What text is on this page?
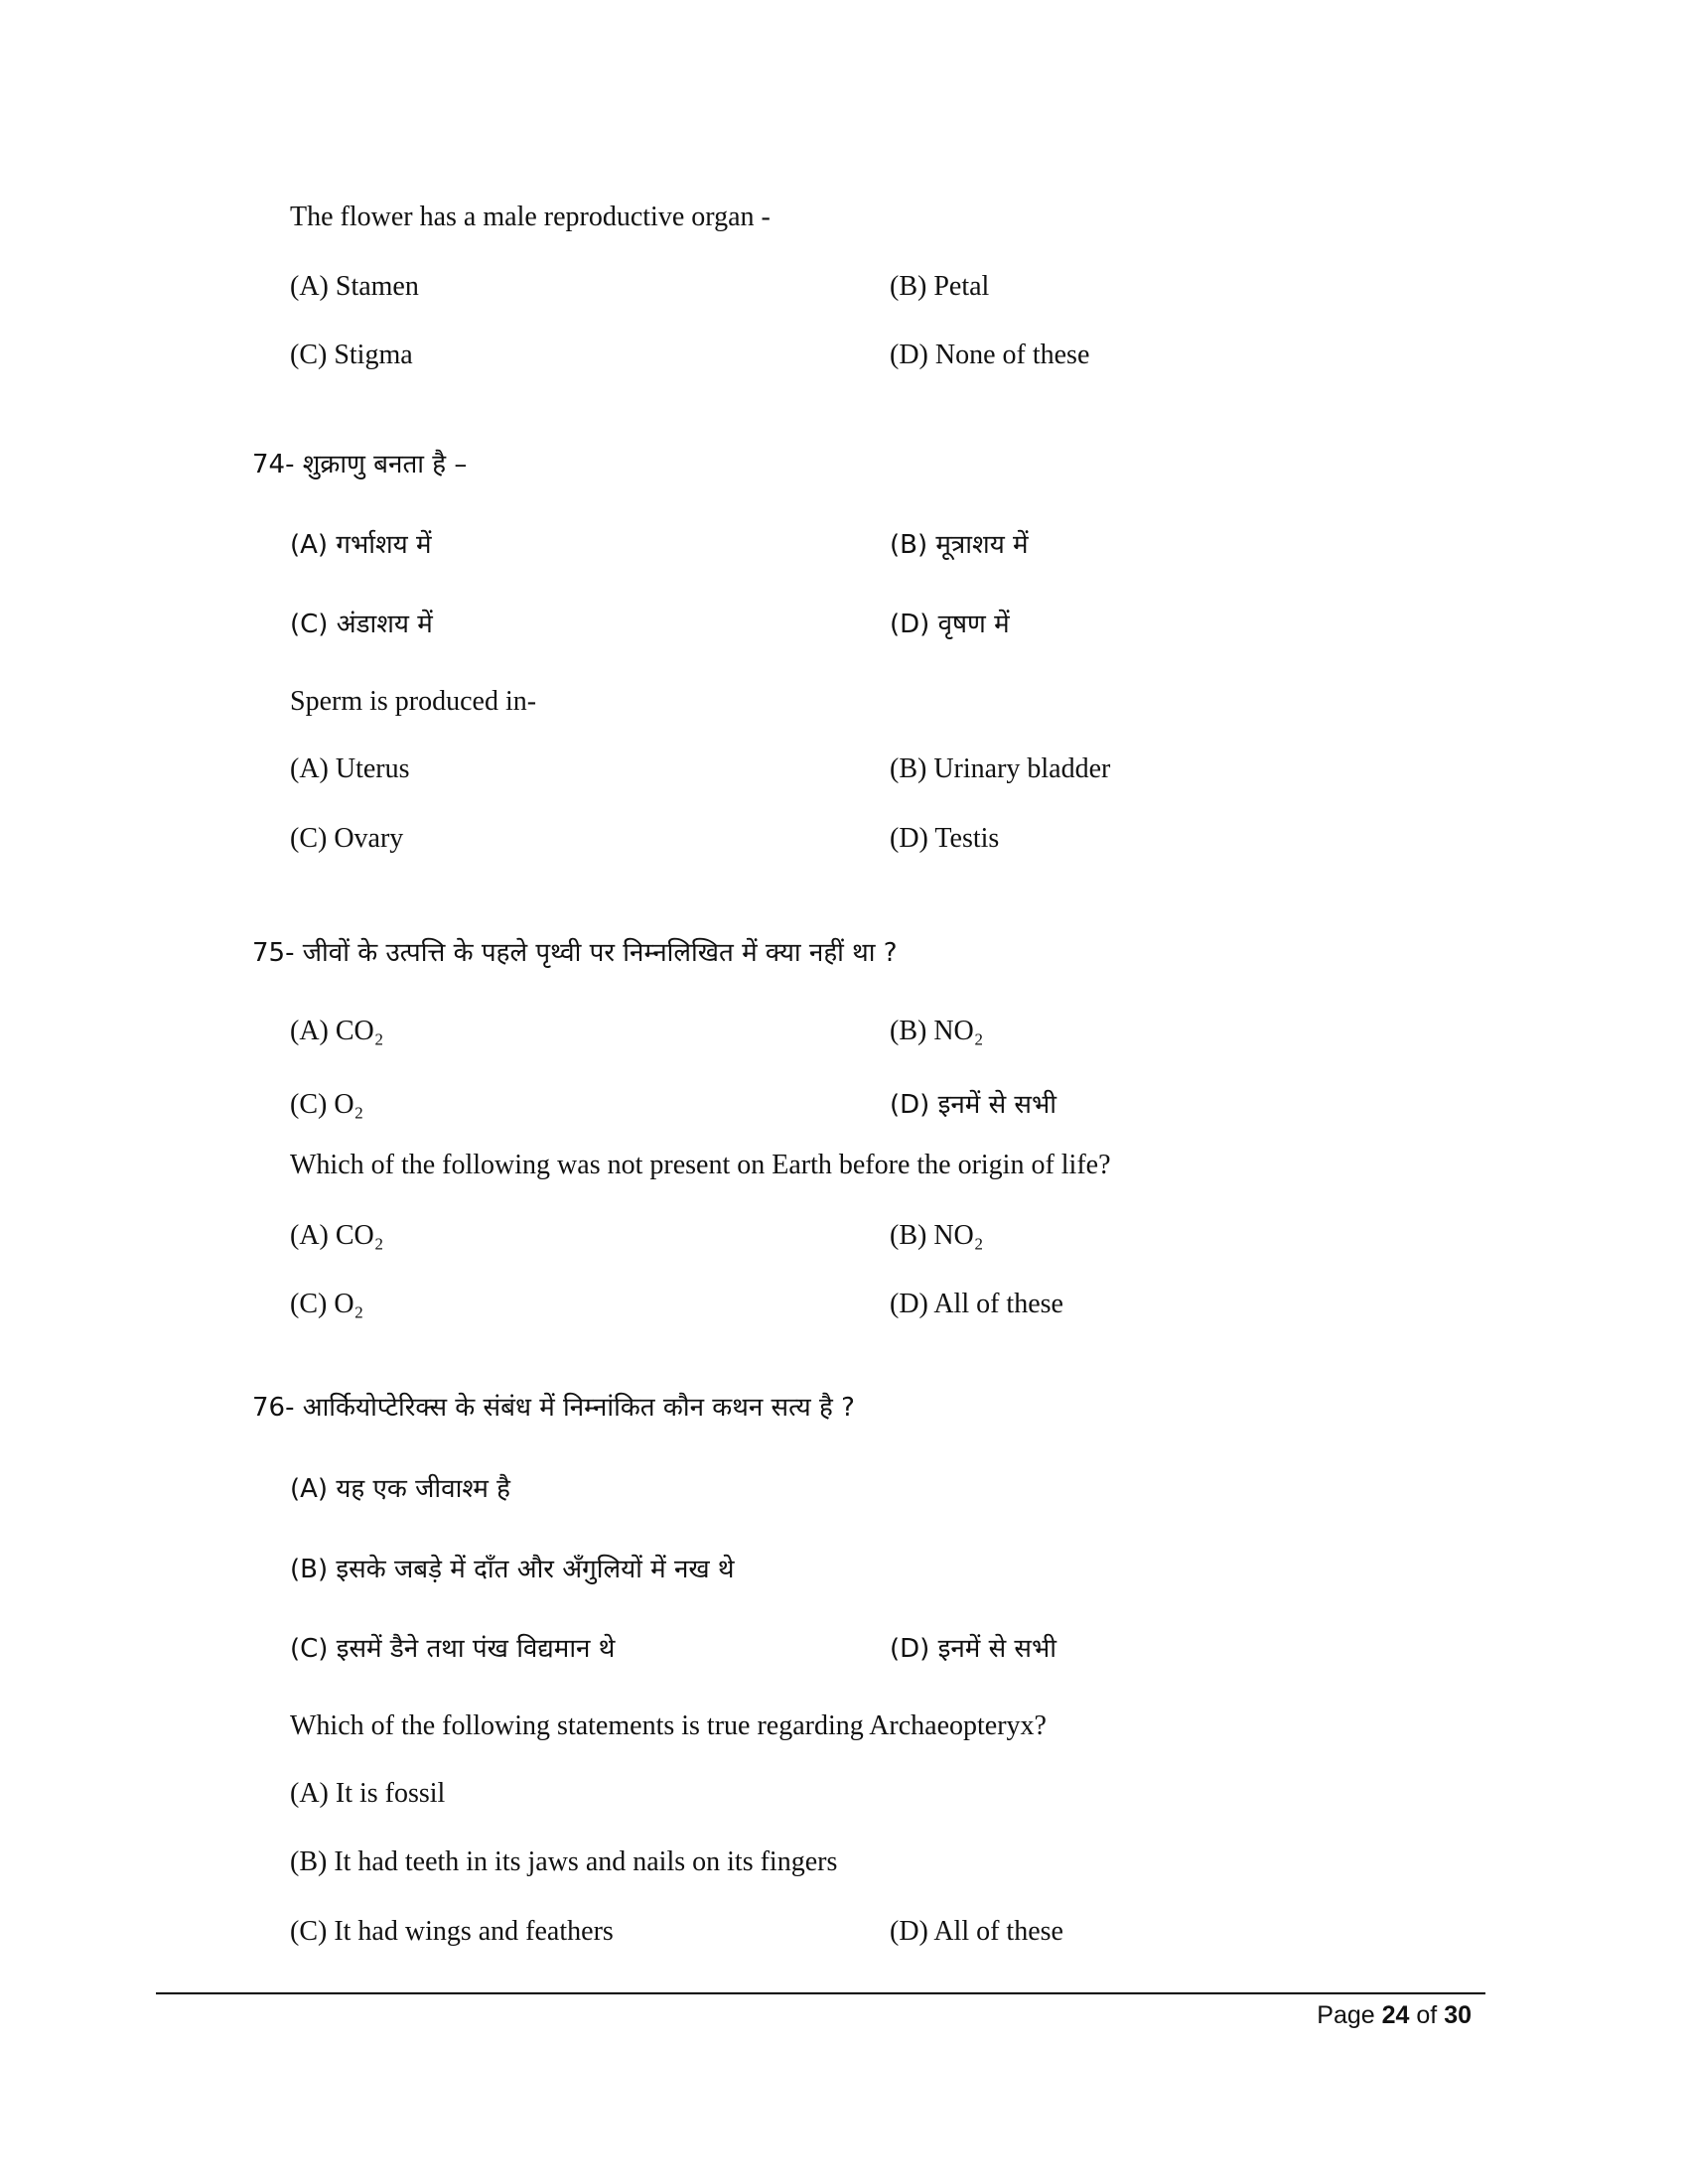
The flower has a male reproductive organ -
(A) Stamen	(B) Petal
(C) Stigma	(D) None of these
74- शुक्राणु बनता है –
(A) गर्भाशय में	(B) मूत्राशय में
(C) अंडाशय में	(D) वृषण में
Sperm is produced in-
(A) Uterus	(B) Urinary bladder
(C) Ovary	(D) Testis
75- जीवों के उत्पत्ति के पहले पृथ्वी पर निम्नलिखित में क्या नहीं था ?
(A) CO₂	(B) NO₂
(C) O₂	(D) इनमें से सभी
Which of the following was not present on Earth before the origin of life?
(A) CO₂	(B) NO₂
(C) O₂	(D) All of these
76- आर्कियोप्टेरिक्स के संबंध में निम्नांकित कौन कथन सत्य है ?
(A) यह एक जीवाश्म है
(B) इसके जबड़े में दाँत और अँगुलियों में नख थे
(C) इसमें डैने तथा पंख विद्यमान थे	(D) इनमें से सभी
Which of the following statements is true regarding Archaeopteryx?
(A) It is fossil
(B) It had teeth in its jaws and nails on its fingers
(C) It had wings and feathers	(D) All of these
Page 24 of 30
